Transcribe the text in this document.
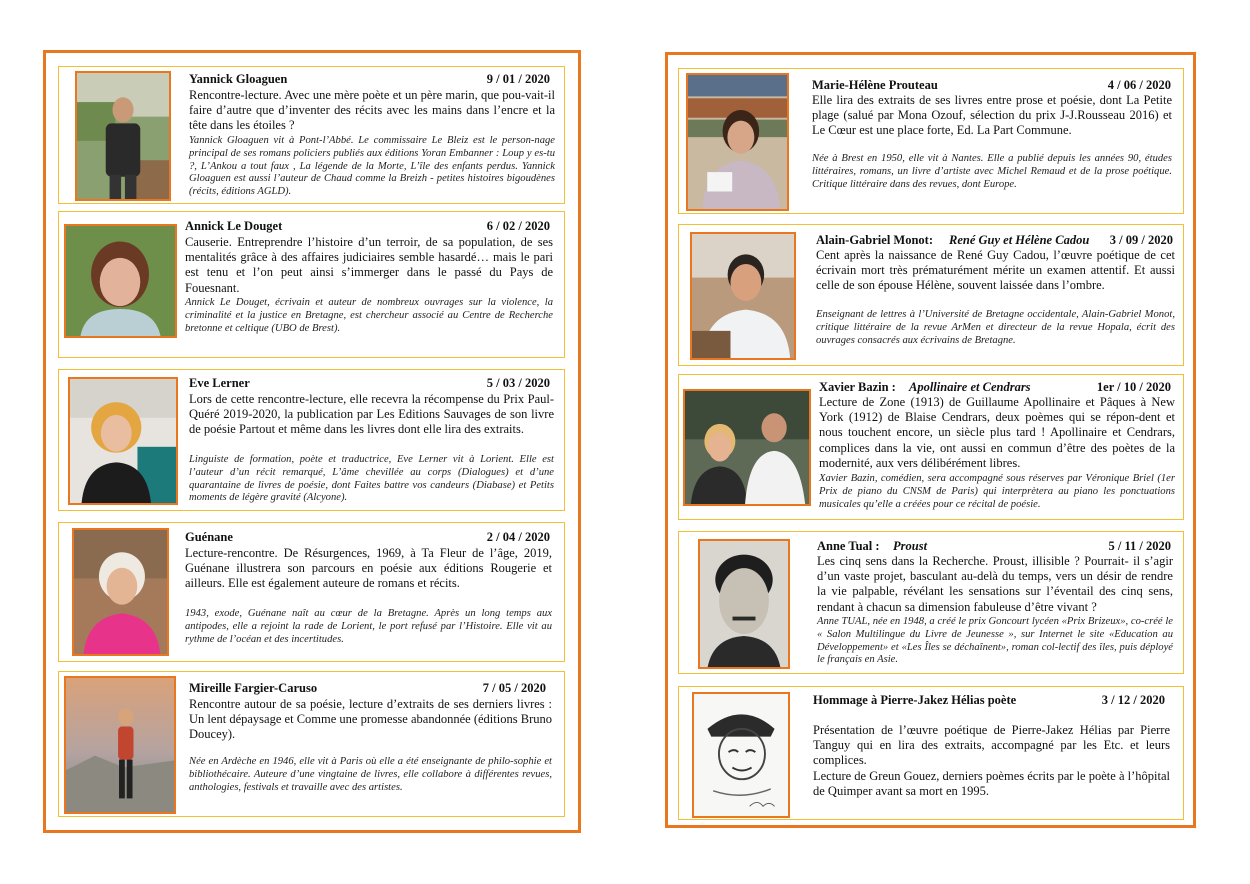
Yannick Gloaguen	9 / 01 / 2020
Rencontre-lecture. Avec une mère poète et un père marin, que pou-vait-il faire d’autre que d’inventer des récits avec les mains dans l’encre et la tête dans les étoiles ?
Yannick Gloaguen vit à Pont-l’Abbé. Le commissaire Le Bleiz est le person-nage principal de ses romans policiers publiés aux éditions Yoran Embanner : Loup y es-tu ?, L’Ankou a tout faux , La légende de la Morte, L’île des enfants perdus. Yannick Gloaguen est aussi l’auteur de Chaud comme la Breizh - petites histoires bigoudènes (récits, éditions AGLD).
Annick Le Douget	6 / 02 / 2020
Causerie. Entreprendre l’histoire d’un terroir, de sa population, de ses mentalités grâce à des affaires judiciaires semble hasardé… mais le pari est tenu et l’on peut ainsi s’immerger dans le passé du Pays de Fouesnant.
Annick Le Douget, écrivain et auteur de nombreux ouvrages sur la violence, la criminalité et la justice en Bretagne, est chercheur associé au Centre de Recherche bretonne et celtique (UBO de Brest).
Eve Lerner	5 / 03 / 2020
Lors de cette rencontre-lecture, elle recevra la récompense du Prix Paul-Quéré 2019-2020, la publication par Les Editions Sauvages de son livre de poésie Partout et même dans les livres dont elle lira des extraits.
Linguiste de formation, poète et traductrice, Eve Lerner vit à Lorient. Elle est l’auteur d’un récit remarqué, L’âme chevillée au corps (Dialogues) et d’une quarantaine de livres de poésie, dont Faites battre vos candeurs (Diabase) et Petits moments de légère gravité (Alcyone).
Guénane	2 / 04 / 2020
Lecture-rencontre. De Résurgences, 1969, à Ta Fleur de l’âge, 2019, Guénane illustrera son parcours en poésie aux éditions Rougerie et ailleurs. Elle est également auteure de romans et récits.
1943, exode, Guénane naît au cœur de la Bretagne. Après un long temps aux antipodes, elle a rejoint la rade de Lorient, le port refusé par l’Histoire. Elle vit au rythme de l’océan et des incertitudes.
Mireille Fargier-Caruso	7 / 05 / 2020
Rencontre autour de sa poésie, lecture d’extraits de ses derniers livres : Un lent dépaysage et Comme une promesse abandonnée (éditions Bruno Doucey).
Née en Ardèche en 1946, elle vit à Paris où elle a été enseignante de philo-sophie et bibliothécaire. Auteure d’une vingtaine de livres, elle collabore à différentes revues, anthologies, festivals et travaille avec des artistes.
Marie-Hélène Prouteau	4 / 06 / 2020
Elle lira des extraits de ses livres entre prose et poésie, dont La Petite plage (salué par Mona Ozouf, sélection du prix J-J.Rousseau 2016) et Le Cœur est une place forte, Ed. La Part Commune.
Née à Brest en 1950, elle vit à Nantes. Elle a publié depuis les années 90, études littéraires, romans, un livre d’artiste avec Michel Remaud et de la prose poétique. Critique littéraire dans des revues, dont Europe.
Alain-Gabriel Monot: René Guy et Hélène Cadou 3 / 09 / 2020
Cent après la naissance de René Guy Cadou, l’œuvre poétique de cet écrivain mort très prématurément mérite un examen attentif. Et aussi celle de son épouse Hélène, souvent laissée dans l’ombre.
Enseignant de lettres à l’Université de Bretagne occidentale, Alain-Gabriel Monot, critique littéraire de la revue ArMen et directeur de la revue Hopala, écrit des ouvrages consacrés aux écrivains de Bretagne.
Xavier Bazin : Apollinaire et Cendrars	1er / 10 / 2020
Lecture de Zone (1913) de Guillaume Apollinaire et Pâques à New York (1912) de Blaise Cendrars, deux poèmes qui se répon-dent et nous touchent encore, un siècle plus tard ! Apollinaire et Cendrars, complices dans la vie, ont aussi en commun d’être des poètes de la modernité, aux vers délibérément libres.
Xavier Bazin, comédien, sera accompagné sous réserves par Véronique Briel (1er Prix de piano du CNSM de Paris) qui interprètera au piano les ponctuations musicales qu’elle a créées pour ce récital de poésie.
Anne Tual : Proust	5 / 11 / 2020
Les cinq sens dans la Recherche. Proust, illisible ? Pourrait- il s’agir d’un vaste projet, basculant au-delà du temps, vers un désir de rendre la vie palpable, révélant les sensations sur l’éventail des cinq sens, rendant à chacun sa dimension fabuleuse d’être vivant ?
Anne TUAL, née en 1948, a créé le prix Goncourt lycéen «Prix Brizeux», co-créé le « Salon Multilingue du Livre de Jeunesse », sur Internet le site «Education au Développement» et «Les Îles se déchaînent», roman col-lectif des îles, puis déployé le français en Asie.
Hommage à Pierre-Jakez Hélias poète	3 / 12 / 2020
Présentation de l’œuvre poétique de Pierre-Jakez Hélias par Pierre Tanguy qui en lira des extraits, accompagné par les Etc. et leurs complices.
Lecture de Greun Gouez, derniers poèmes écrits par le poète à l’hôpital de Quimper avant sa mort en 1995.
